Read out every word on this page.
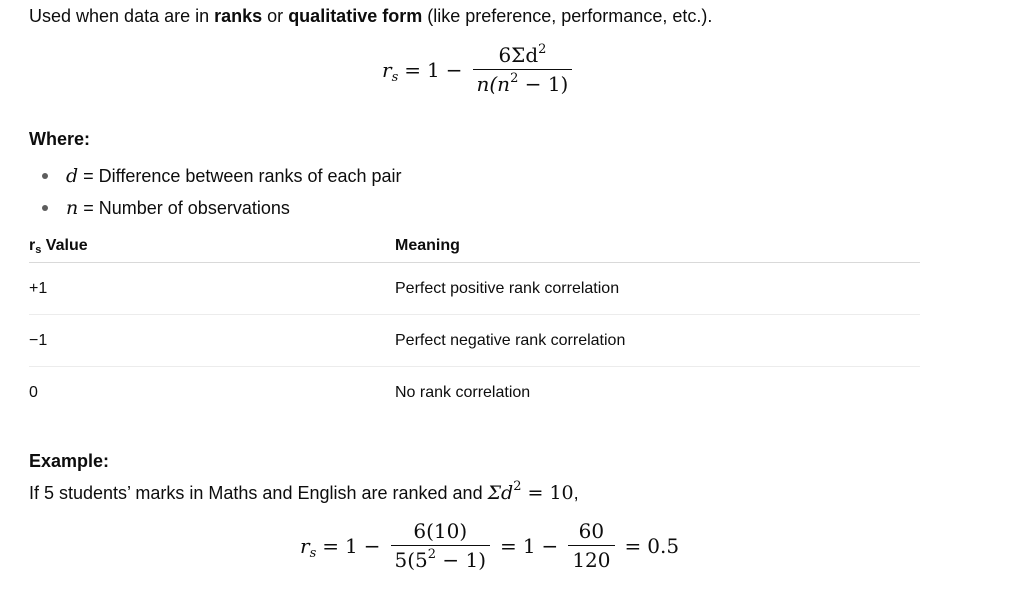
Used when data are in ranks or qualitative form (like preference, performance, etc.).

$r_s = 1 - \frac{6\Sigma d^2}{n(n^2 - 1)}$

Where:

d = Difference between ranks of each pair
n = Number of observations
rs Value	Meaning
+1	Perfect positive rank correlation
−1	Perfect negative rank correlation
0	No rank correlation

Example:

If 5 students’ marks in Maths and English are ranked and $\Sigma d^2 = 10$,

$r_s = 1 - \frac{6(10)}{5(5^2 - 1)} = 1 - \frac{60}{120} = 0.5$
